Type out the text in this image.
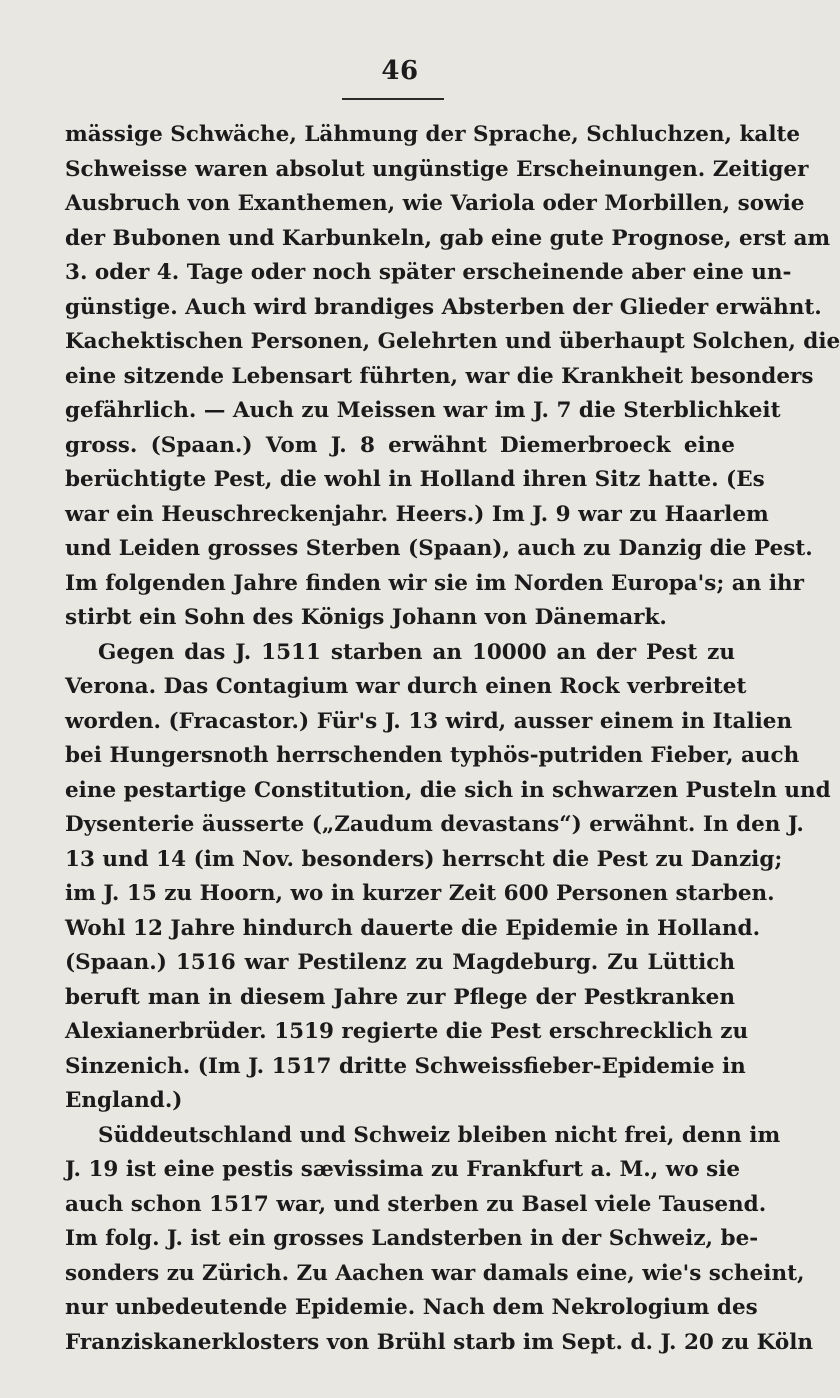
46
mässige Schwäche, Lähmung der Sprache, Schluchzen, kalte
Schweisse waren absolut ungünstige Erscheinungen. Zeitiger
Ausbruch von Exanthemen, wie Variola oder Morbillen, sowie
der Bubonen und Karbunkeln, gab eine gute Prognose, erst am
3. oder 4. Tage oder noch später erscheinende aber eine un-
günstige. Auch wird brandiges Absterben der Glieder erwähnt.
Kachektischen Personen, Gelehrten und überhaupt Solchen, die
eine sitzende Lebensart führten, war die Krankheit besonders
gefährlich. — Auch zu Meissen war im J. 7 die Sterblichkeit
gross. (Spaan.) Vom J. 8 erwähnt Diemerbroeck eine
berüchtigte Pest, die wohl in Holland ihren Sitz hatte. (Es
war ein Heuschreckenjahr. Heers.) Im J. 9 war zu Haarlem
und Leiden grosses Sterben (Spaan), auch zu Danzig die Pest.
Im folgenden Jahre finden wir sie im Norden Europa's; an ihr
stirbt ein Sohn des Königs Johann von Dänemark.
Gegen das J. 1511 starben an 10000 an der Pest zu
Verona. Das Contagium war durch einen Rock verbreitet
worden. (Fracastor.) Für's J. 13 wird, ausser einem in Italien
bei Hungersnoth herrschenden typhös-putriden Fieber, auch
eine pestartige Constitution, die sich in schwarzen Pusteln und
Dysenterie äusserte („Zaudum devastans“) erwähnt. In den J.
13 und 14 (im Nov. besonders) herrscht die Pest zu Danzig;
im J. 15 zu Hoorn, wo in kurzer Zeit 600 Personen starben.
Wohl 12 Jahre hindurch dauerte die Epidemie in Holland.
(Spaan.) 1516 war Pestilenz zu Magdeburg. Zu Lüttich
beruft man in diesem Jahre zur Pflege der Pestkranken
Alexianerbrüder. 1519 regierte die Pest erschrecklich zu
Sinzenich. (Im J. 1517 dritte Schweissfieber-Epidemie in
England.)
Süddeutschland und Schweiz bleiben nicht frei, denn im
J. 19 ist eine pestis sævissima zu Frankfurt a. M., wo sie
auch schon 1517 war, und sterben zu Basel viele Tausend.
Im folg. J. ist ein grosses Landsterben in der Schweiz, be-
sonders zu Zürich. Zu Aachen war damals eine, wie's scheint,
nur unbedeutende Epidemie. Nach dem Nekrologium des
Franziskanerklosters von Brühl starb im Sept. d. J. 20 zu Köln
